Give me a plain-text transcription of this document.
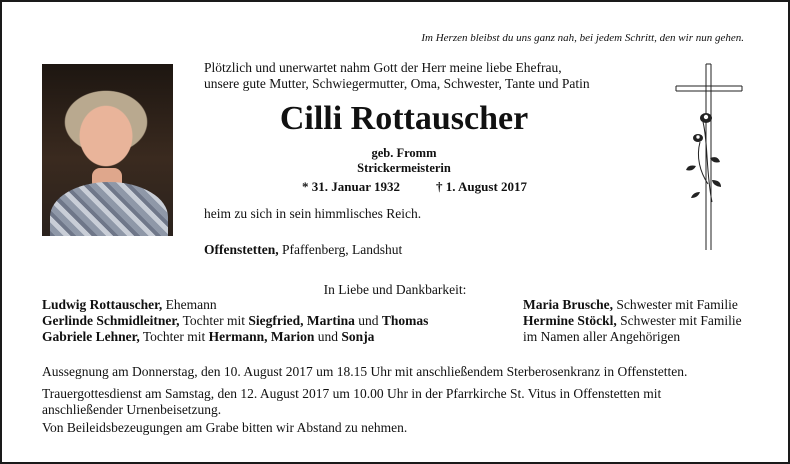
Im Herzen bleibst du uns ganz nah, bei jedem Schritt, den wir nun gehen.
Plötzlich und unerwartet nahm Gott der Herr meine liebe Ehefrau,
unsere gute Mutter, Schwiegermutter, Oma, Schwester, Tante und Patin
Cilli Rottauscher
geb. Fromm
Strickermeisterin
* 31. Januar 1932	† 1. August 2017
heim zu sich in sein himmlisches Reich.
Offenstetten, Pfaffenberg, Landshut
In Liebe und Dankbarkeit:
Ludwig Rottauscher, Ehemann
Gerlinde Schmidleitner, Tochter mit Siegfried, Martina und Thomas
Gabriele Lehner, Tochter mit Hermann, Marion und Sonja
Maria Brusche, Schwester mit Familie
Hermine Stöckl, Schwester mit Familie
im Namen aller Angehörigen
Aussegnung am Donnerstag, den 10. August 2017 um 18.15 Uhr mit anschließendem Sterberosenkranz in Offenstetten.
Trauergottesdienst am Samstag, den 12. August 2017 um 10.00 Uhr in der Pfarrkirche St. Vitus in Offenstetten mit
anschließender Urnenbeisetzung.
Von Beileidsbezeugungen am Grabe bitten wir Abstand zu nehmen.
